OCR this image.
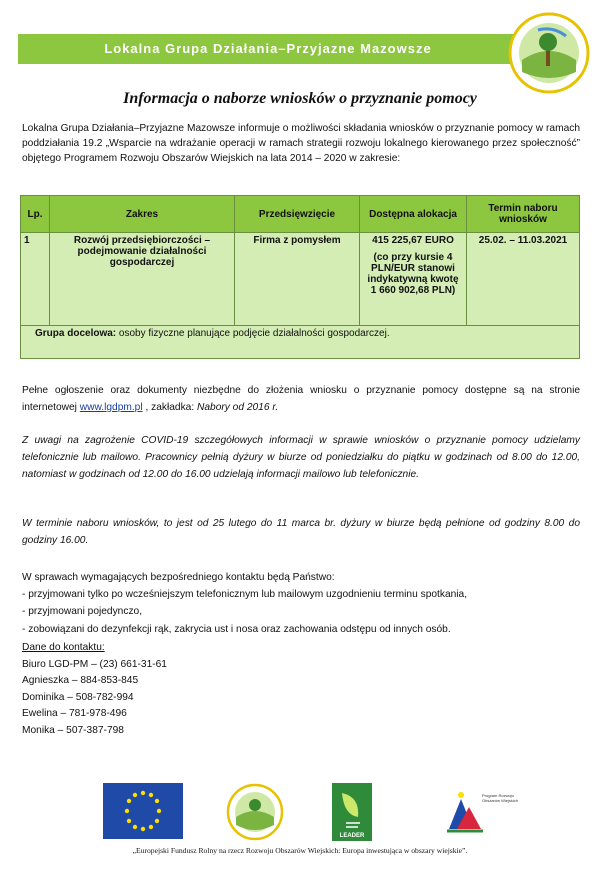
Lokalna Grupa Działania–Przyjazne Mazowsze
Informacja o naborze wniosków o przyznanie pomocy
Lokalna Grupa Działania–Przyjazne Mazowsze informuje o możliwości składania wniosków o przyznanie pomocy w ramach poddziałania 19.2 „Wsparcie na wdrażanie operacji w ramach strategii rozwoju lokalnego kierowanego przez społeczność” objętego Programem Rozwoju Obszarów Wiejskich na lata 2014 – 2020 w zakresie:
Lp.	Zakres	Przedsięwzięcie	Dostępna alokacja	Termin naboru wniosków
1	Rozwój przedsiębiorczości – podejmowanie działalności gospodarczej	Firma z pomysłem	415 225,67 EURO
(co przy kursie 4 PLN/EUR stanowi indykatywną kwotę
1 660 902,68 PLN)	25.02. – 11.03.2021
Grupa docelowa: osoby fizyczne planujące podjęcie działalności gospodarczej.				
Pełne ogłoszenie oraz dokumenty niezbędne do złożenia wniosku o przyznanie pomocy dostępne są na stronie internetowej www.lgdpm.pl , zakładka: Nabory od 2016 r.
Z uwagi na zagrożenie COVID-19 szczegółowych informacji w sprawie wniosków o przyznanie pomocy udzielamy telefonicznie lub mailowo. Pracownicy pełnią dyżury w biurze od poniedziałku do piątku w godzinach od 8.00 do 12.00, natomiast w godzinach od 12.00 do 16.00 udzielają informacji mailowo lub telefonicznie.
W terminie naboru wniosków, to jest od 25 lutego do 11 marca br. dyżury w biurze będą pełnione od godziny 8.00 do godziny 16.00.
W sprawach wymagających bezpośredniego kontaktu będą Państwo:
- przyjmowani tylko po wcześniejszym telefonicznym lub mailowym uzgodnieniu terminu spotkania,
- przyjmowani pojedynczo,
- zobowiązani do dezynfekcji rąk, zakrycia ust i nosa oraz zachowania odstępu od innych osób.
Dane do kontaktu:
Biuro LGD-PM – (23) 661-31-61
Agnieszka – 884-853-845
Dominika – 508-782-994
Ewelina – 781-978-496
Monika – 507-387-798
LEADER
Program Rozwoju Obszarów Wiejskich
„Europejski Fundusz Rolny na rzecz Rozwoju Obszarów Wiejskich: Europa inwestująca w obszary wiejskie”.
